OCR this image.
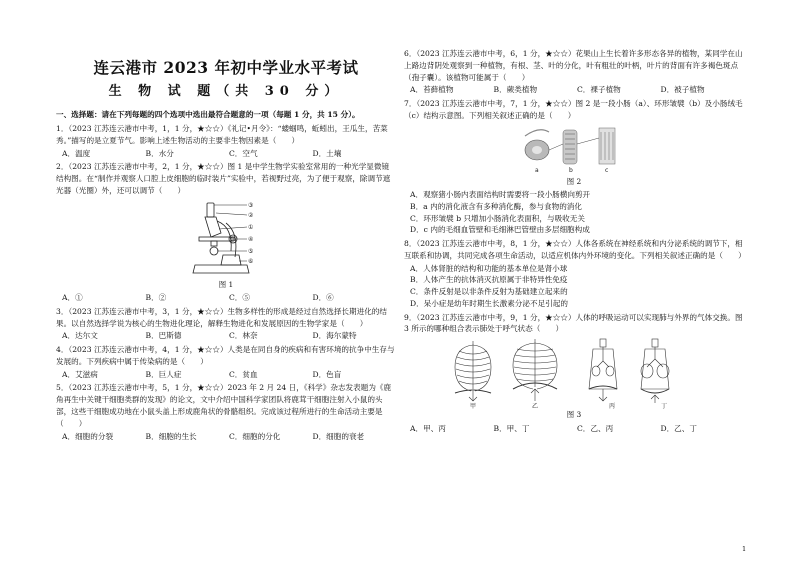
连云港市 2023 年初中学业水平考试
生 物 试 题（共 30 分）
一、选择题：请在下列每题的四个选项中选出最符合题意的一项（每题 1 分，共 15 分）。
1．（2023 江苏连云港市中考，1，1 分，★☆☆）《礼记•月令》：“蝼蝈鸣，蚯蚓出，王瓜生，苦菜秀。”描写的是立夏节气。影响上述生物活动的主要非生物因素是（　　）
A．温度	B．水分	C．空气	D．土壤
2．（2023 江苏连云港市中考，2，1 分，★☆☆）图 1 是中学生物学实验室常用的一种光学显微镜结构图。在“制作并观察人口腔上皮细胞的临时装片”实验中，若视野过亮，为了便于观察，除调节遮光器（光圈）外，还可以调节（　　）
③
②
①
④
⑤
⑥
图 1
A．①	B．②	C．⑤	D．⑥
3．（2023 江苏连云港市中考，3，1 分，★☆☆）生物多样性的形成是经过自然选择长期进化的结果。以自然选择学说为核心的生物进化理论，解释生物进化和发展原因的生物学家是（　　）
A．达尔文	B．巴斯德	C．林奈	D．海尔蒙特
4．（2023 江苏连云港市中考，4，1 分，★☆☆）人类是在同自身的疾病和有害环境的抗争中生存与发展的。下列疾病中属于传染病的是（　　）
A．艾滋病	B．巨人症	C．贫血	D．色盲
5．（2023 江苏连云港市中考，5，1 分，★☆☆）2023 年 2 月 24 日，《科学》杂志发表题为《鹿角再生中关键干细胞类群的发现》的论文，文中介绍中国科学家团队将鹿茸干细胞注射入小鼠的头部，这些干细胞成功地在小鼠头盖上形成鹿角状的骨骼组织。完成该过程所进行的生命活动主要是（　　）
A．细胞的分裂	B．细胞的生长	C．细胞的分化	D．细胞的衰老
6．（2023 江苏连云港市中考，6，1 分，★☆☆）花果山上生长着许多形态各异的植物，某同学在山上路边背阴处观察到一种植物，有根、茎、叶的分化，叶有粗壮的叶柄，叶片的背面有许多褐色斑点（孢子囊）。该植物可能属于（　　）
A．苔藓植物	B．蕨类植物	C．裸子植物	D．被子植物
7．（2023 江苏连云港市中考，7，1 分，★☆☆）图 2 是一段小肠（a）、环形皱襞（b）及小肠绒毛（c）结构示意图。下列相关叙述正确的是（　　）
a	b	c
图 2
A．观察猪小肠内表面结构时需要将一段小肠横向剪开
B．a 内的消化液含有多种消化酶，参与食物的消化
C．环形皱襞 b 只增加小肠消化表面积，与吸收无关
D．c 内的毛细血管壁和毛细淋巴管壁由多层细胞构成
8．（2023 江苏连云港市中考，8，1 分，★☆☆）人体各系统在神经系统和内分泌系统的调节下，相互联系和协调，共同完成各项生命活动，以适应机体内外环境的变化。下列相关叙述正确的是（　　）
A．人体肾脏的结构和功能的基本单位是肾小球
B．人体产生的抗体消灭抗原属于非特异性免疫
C．条件反射是以非条件反射为基础建立起来的
D．呆小症是幼年时期生长激素分泌不足引起的
9．（2023 江苏连云港市中考，9，1 分，★☆☆）人体的呼吸运动可以实现肺与外界的气体交换。图 3 所示的哪种组合表示肺处于呼气状态（　　）
甲	乙	丙	丁
图 3
A．甲、丙	B．甲、丁	C．乙、丙	D．乙、丁
1
